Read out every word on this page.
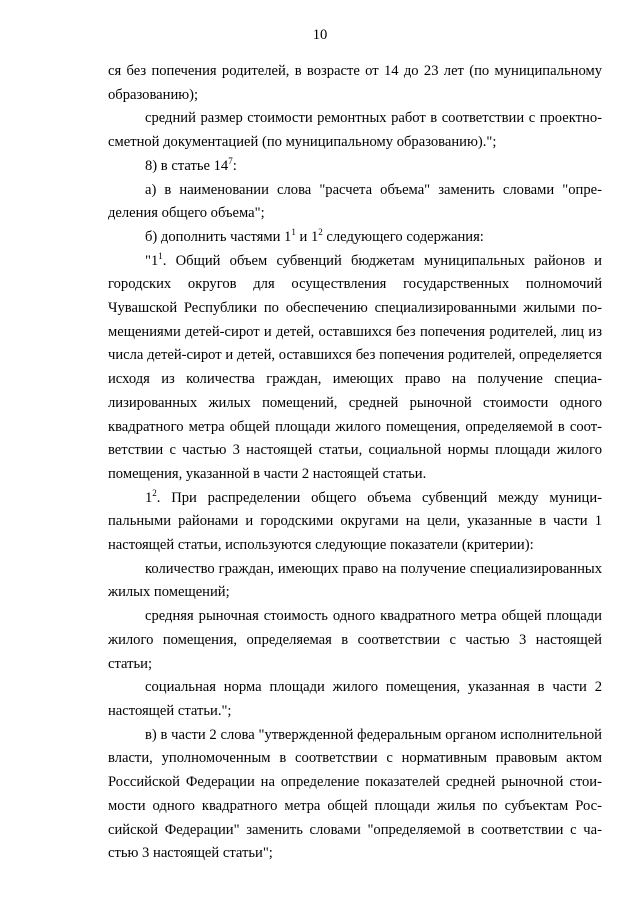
10

ся без попечения родителей, в возрасте от 14 до 23 лет (по муниципальному образованию);

средний размер стоимости ремонтных работ в соответствии с проектно-сметной документацией (по муниципальному образованию).";

8) в статье $14^7$:

а) в наименовании слова "расчета объема" заменить словами "определения общего объема";

б) дополнить частями $1^1$ и $1^2$ следующего содержания:

"$1^1$. Общий объем субвенций бюджетам муниципальных районов и городских округов для осуществления государственных полномочий Чувашской Республики по обеспечению специализированными жилыми помещениями детей-сирот и детей, оставшихся без попечения родителей, лиц из числа детей-сирот и детей, оставшихся без попечения родителей, определяется исходя из количества граждан, имеющих право на получение специализированных жилых помещений, средней рыночной стоимости одного квадратного метра общей площади жилого помещения, определяемой в соответствии с частью 3 настоящей статьи, социальной нормы площади жилого помещения, указанной в части 2 настоящей статьи.

$1^2$. При распределении общего объема субвенций между муниципальными районами и городскими округами на цели, указанные в части 1 настоящей статьи, используются следующие показатели (критерии):

количество граждан, имеющих право на получение специализированных жилых помещений;

средняя рыночная стоимость одного квадратного метра общей площади жилого помещения, определяемая в соответствии с частью 3 настоящей статьи;

социальная норма площади жилого помещения, указанная в части 2 настоящей статьи.";

в) в части 2 слова "утвержденной федеральным органом исполнительной власти, уполномоченным в соответствии с нормативным правовым актом Российской Федерации на определение показателей средней рыночной стоимости одного квадратного метра общей площади жилья по субъектам Российской Федерации" заменить словами "определяемой в соответствии с частью 3 настоящей статьи";
